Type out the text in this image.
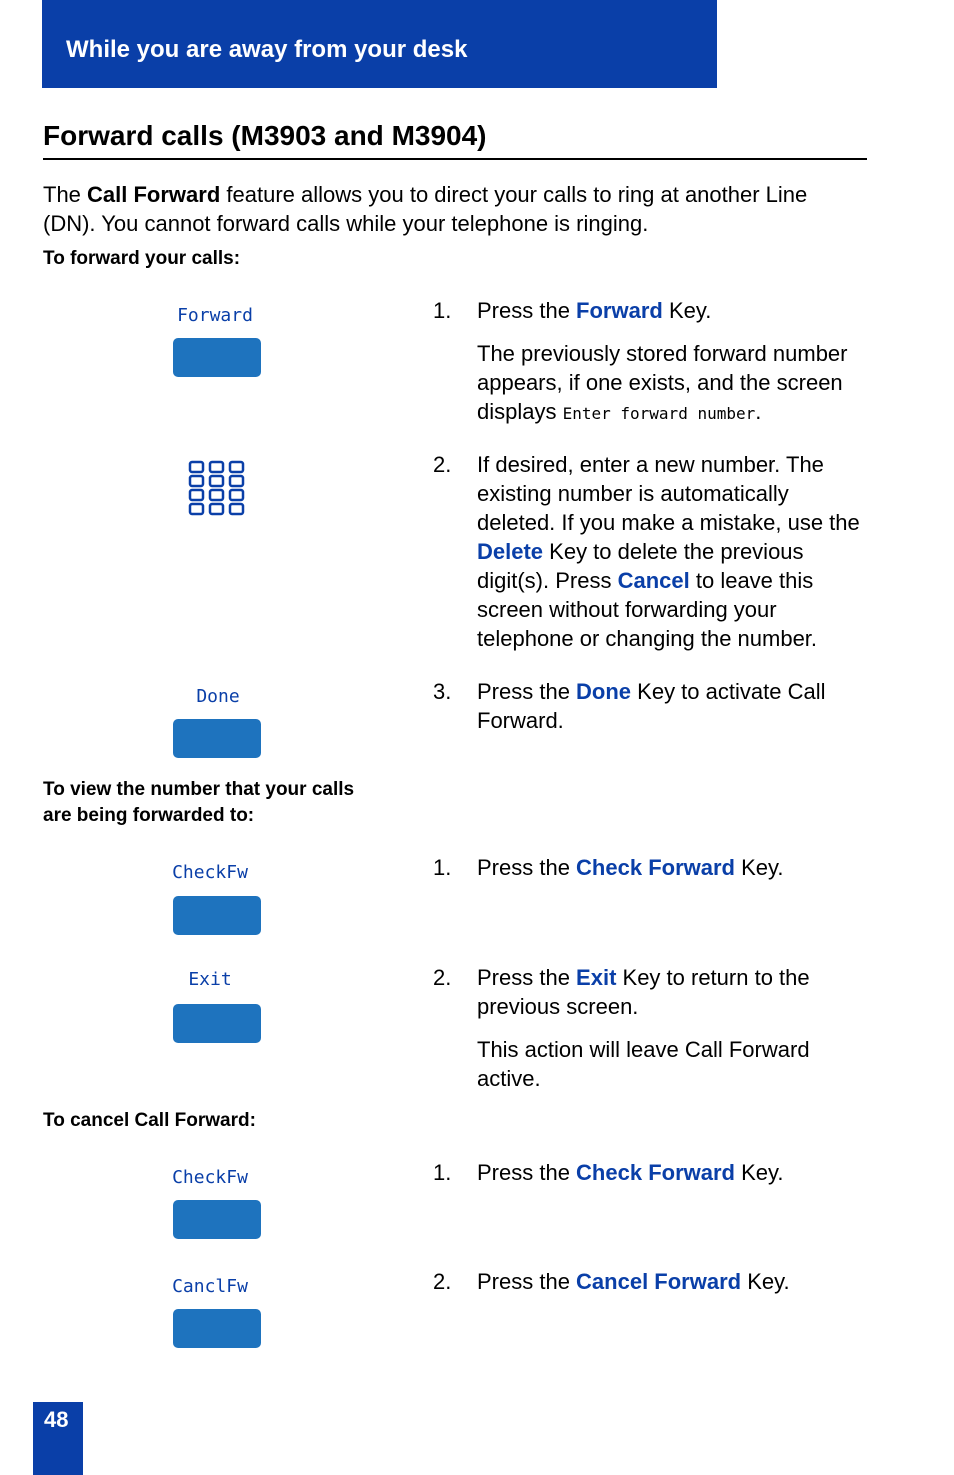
While you are away from your desk
Forward calls (M3903 and M3904)
The Call Forward feature allows you to direct your calls to ring at another Line (DN). You cannot forward calls while your telephone is ringing.
To forward your calls:
Forward
Done
1. Press the Forward Key.

The previously stored forward number appears, if one exists, and the screen displays Enter forward number.

2. If desired, enter a new number. The existing number is automatically deleted. If you make a mistake, use the Delete Key to delete the previous digit(s). Press Cancel to leave this screen without forwarding your telephone or changing the number.

3. Press the Done Key to activate Call Forward.

To view the number that your calls
are being forwarded to:
CheckFw
Exit
1. Press the Check Forward Key.

2. Press the Exit Key to return to the previous screen.

This action will leave Call Forward active.

To cancel Call Forward:
CheckFw
CanclFw
1. Press the Check Forward Key.

2. Press the Cancel Forward Key.

48
